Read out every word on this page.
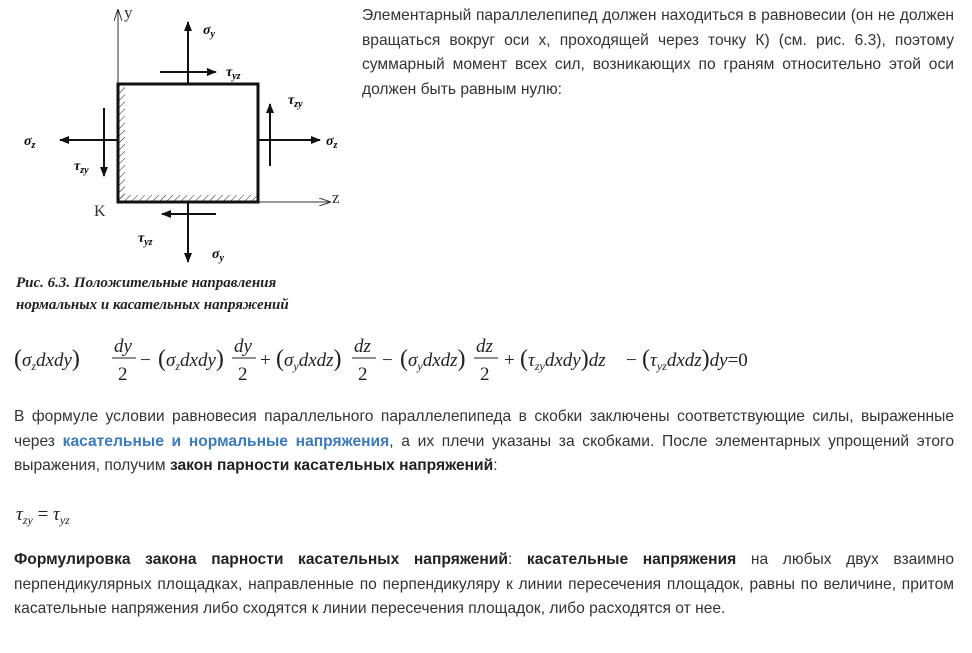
y
z
K
$\sigma_y$
$\tau_{yz}$
$\tau_{zy}$
$\sigma_z$
$\sigma_z$
$\tau_{zy}$
$\tau_{yz}$
$\sigma_y$

Элементарный параллелепипед должен находиться в равновесии (он не должен вращаться вокруг оси x, проходящей через точку К) (см. рис. 6.3), поэтому суммарный момент всех сил, возникающих по граням относительно этой оси должен быть равным нулю:

Рис. 6.3. Положительные направления
нормальных и касательных напряжений
$(\sigma_zdxdy)$ dy
2
− $(\sigma_zdxdy)$ dy
2
+ $(\sigma_ydxdz)$ dz
2
− $(\sigma_ydxdz)$ dz
2
+ $(\tau_{zy}dxdy)dz$ − $(\tau_{yz}dxdz)dy=0$

В формуле условии равновесия параллельного параллелепипеда в скобки заключены соответствующие силы, выраженные через касательные и нормальные напряжения, а их плечи указаны за скобками. После элементарных упрощений этого выражения, получим закон парности касательных напряжений:

$\tau_{zy} = \tau_{yz}$

Формулировка закона парности касательных напряжений: касательные напряжения на любых двух взаимно перпендикулярных площадках, направленные по перпендикуляру к линии пересечения площадок, равны по величине, притом касательные напряжения либо сходятся к линии пересечения площадок, либо расходятся от нее.
